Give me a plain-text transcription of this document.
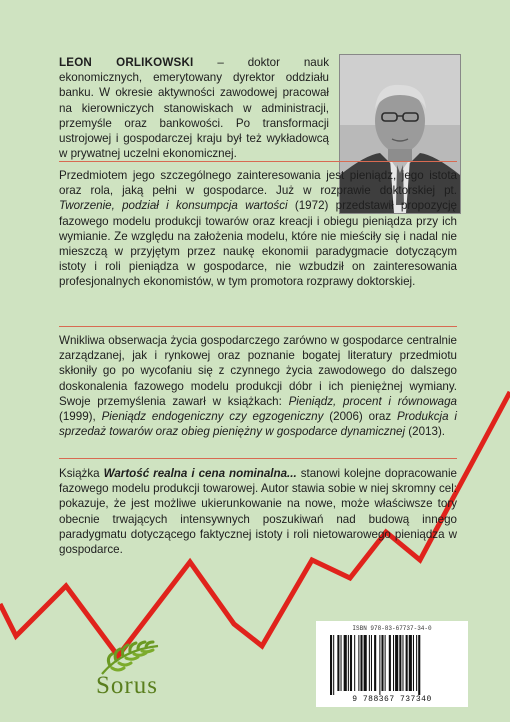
LEON ORLIKOWSKI – doktor nauk ekonomicznych, emerytowany dyrektor oddziału banku. W okresie aktywności zawodowej pracował na kierowniczych stanowiskach w administracji, przemyśle oraz bankowości. Po transformacji ustrojowej i gospodarczej kraju był też wykładowcą w prywatnej uczelni ekonomicznej.
Przedmiotem jego szczególnego zainteresowania jest pieniądz, jego istota oraz rola, jaką pełni w gospodarce. Już w rozprawie doktorskiej pt. Tworzenie, podział i konsumpcja wartości (1972) przedstawił propozycję fazowego modelu produkcji towarów oraz kreacji i obiegu pieniądza przy ich wymianie. Ze względu na założenia modelu, które nie mieściły się i nadal nie mieszczą w przyjętym przez naukę ekonomii paradygmacie dotyczącym istoty i roli pieniądza w gospodarce, nie wzbudził on zainteresowania profesjonalnych ekonomistów, w tym promotora rozprawy doktorskiej.
Wnikliwa obserwacja życia gospodarczego zarówno w gospodarce centralnie zarządzanej, jak i rynkowej oraz poznanie bogatej literatury przedmiotu skłoniły go po wycofaniu się z czynnego życia zawodowego do dalszego doskonalenia fazowego modelu produkcji dóbr i ich pieniężnej wymiany. Swoje przemyślenia zawarł w książkach: Pieniądz, procent i równowaga (1999), Pieniądz endogeniczny czy egzogeniczny (2006) oraz Produkcja i sprzedaż towarów oraz obieg pieniężny w gospodarce dynamicznej (2013).
Książka Wartość realna i cena nominalna... stanowi kolejne dopracowanie fazowego modelu produkcji towarowej. Autor stawia sobie w niej skromny cel: pokazuje, że jest możliwe ukierunkowanie na nowe, może właściwsze tory obecnie trwających intensywnych poszukiwań nad budową innego paradygmatu dotyczącego faktycznej istoty i roli nietowarowego pieniądza w gospodarce.
Sorus
ISBN 978-83-67737-34-0
9 788367 737340
